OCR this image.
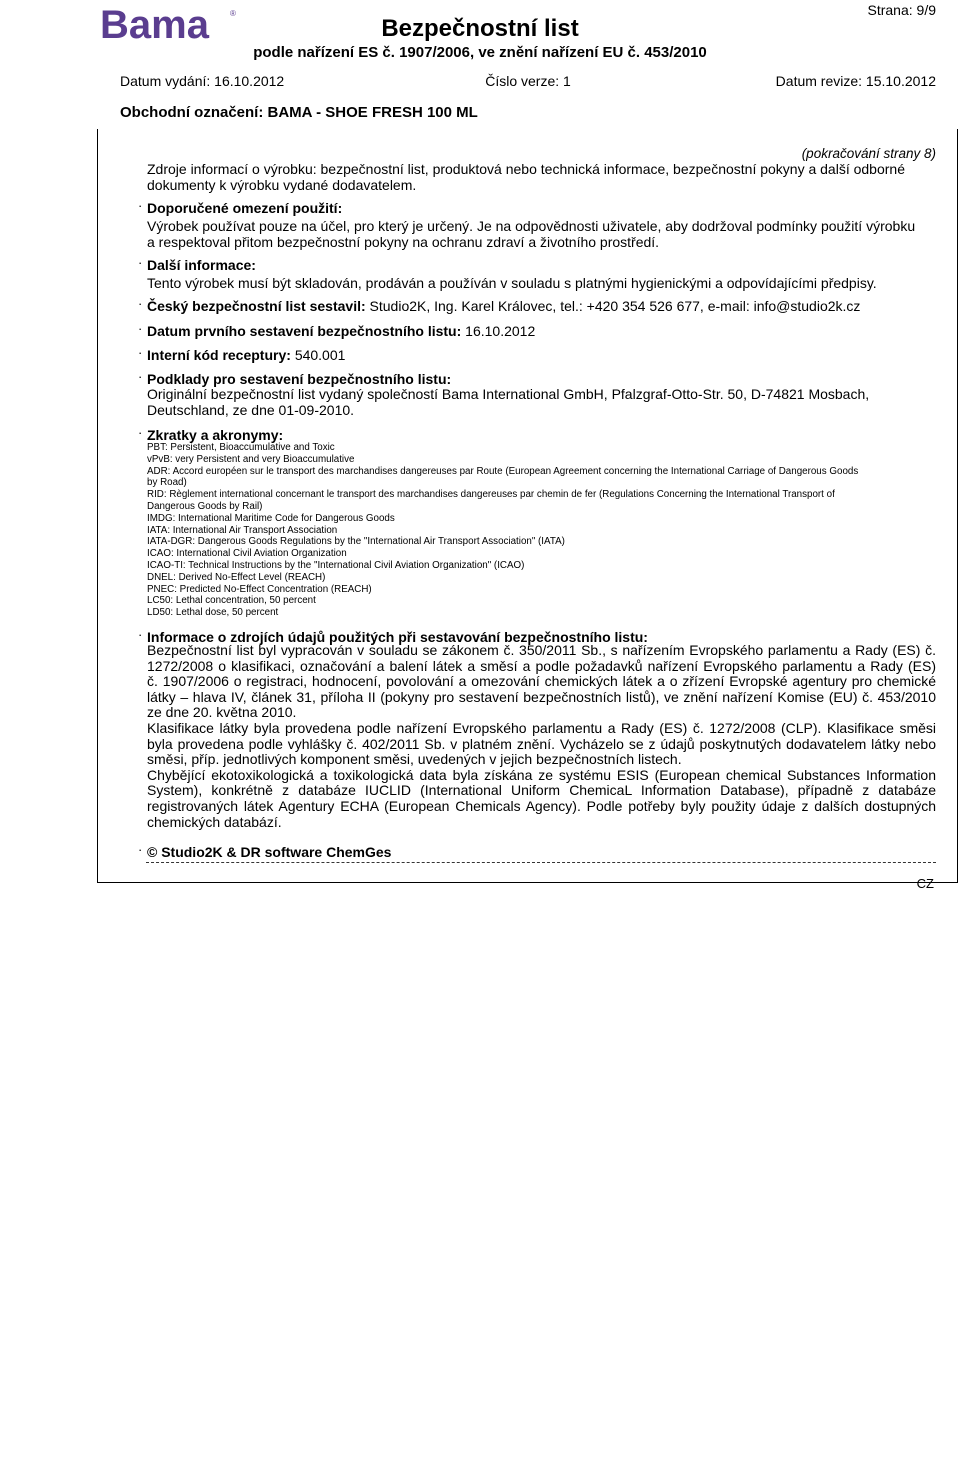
Bama	®
Bezpečnostní list
podle nařízení ES č. 1907/2006, ve znění nařízení EU č. 453/2010
Strana: 9/9
Datum vydání: 16.10.2012	Číslo verze: 1	Datum revize: 15.10.2012
Obchodní označení: BAMA - SHOE FRESH 100 ML
(pokračování strany 8)
Zdroje informací o výrobku: bezpečnostní list, produktová nebo technická informace, bezpečnostní pokyny a další odborné
dokumenty k výrobku vydané dodavatelem.
· Doporučené omezení použití:
Výrobek používat pouze na účel, pro který je určený. Je na odpovědnosti uživatele, aby dodržoval podmínky použití výrobku
a respektoval přitom bezpečnostní pokyny na ochranu zdraví a životního prostředí.
· Další informace:
Tento výrobek musí být skladován, prodáván a používán v souladu s platnými hygienickými a odpovídajícími předpisy.
· Český bezpečnostní list sestavil: Studio2K, Ing. Karel Královec, tel.: +420 354 526 677, e-mail: info@studio2k.cz
· Datum prvního sestavení bezpečnostního listu: 16.10.2012
· Interní kód receptury: 540.001
· Podklady pro sestavení bezpečnostního listu:
Originální bezpečnostní list vydaný společností Bama International GmbH, Pfalzgraf-Otto-Str. 50, D-74821 Mosbach,
Deutschland, ze dne 01-09-2010.
· Zkratky a akronymy:
PBT: Persistent, Bioaccumulative and Toxic
vPvB: very Persistent and very Bioaccumulative
ADR: Accord européen sur le transport des marchandises dangereuses par Route (European Agreement concerning the International Carriage of Dangerous Goods
by Road)
RID: Règlement international concernant le transport des marchandises dangereuses par chemin de fer (Regulations Concerning the International Transport of
Dangerous Goods by Rail)
IMDG: International Maritime Code for Dangerous Goods
IATA: International Air Transport Association
IATA-DGR: Dangerous Goods Regulations by the "International Air Transport Association" (IATA)
ICAO: International Civil Aviation Organization
ICAO-TI: Technical Instructions by the "International Civil Aviation Organization" (ICAO)
DNEL: Derived No-Effect Level (REACH)
PNEC: Predicted No-Effect Concentration (REACH)
LC50: Lethal concentration, 50 percent
LD50: Lethal dose, 50 percent
· Informace o zdrojích údajů použitých při sestavování bezpečnostního listu:
Bezpečnostní list byl vypracován v souladu se zákonem č. 350/2011 Sb., s nařízením Evropského parlamentu a Rady (ES) č.
1272/2008 o klasifikaci, označování a balení látek a směsí a podle požadavků nařízení Evropského parlamentu a Rady (ES)
č. 1907/2006 o registraci, hodnocení, povolování a omezování chemických látek a o zřízení Evropské agentury pro chemické
látky – hlava IV, článek 31, příloha II (pokyny pro sestavení bezpečnostních listů), ve znění nařízení Komise (EU) č. 453/2010
ze dne 20. května 2010.
Klasifikace látky byla provedena podle nařízení Evropského parlamentu a Rady (ES) č. 1272/2008 (CLP). Klasifikace směsi
byla provedena podle vyhlášky č. 402/2011 Sb. v platném znění. Vycházelo se z údajů poskytnutých dodavatelem látky nebo
směsi, příp. jednotlivých komponent směsi, uvedených v jejich bezpečnostních listech.
Chybějící ekotoxikologická a toxikologická data byla získána ze systému ESIS (European chemical Substances Information
System), konkrétně z databáze IUCLID (International Uniform ChemicaL Information Database), případně z databáze
registrovaných látek Agentury ECHA (European Chemicals Agency). Podle potřeby byly použity údaje z dalších dostupných
chemických databází.
· © Studio2K & DR software ChemGes
CZ
